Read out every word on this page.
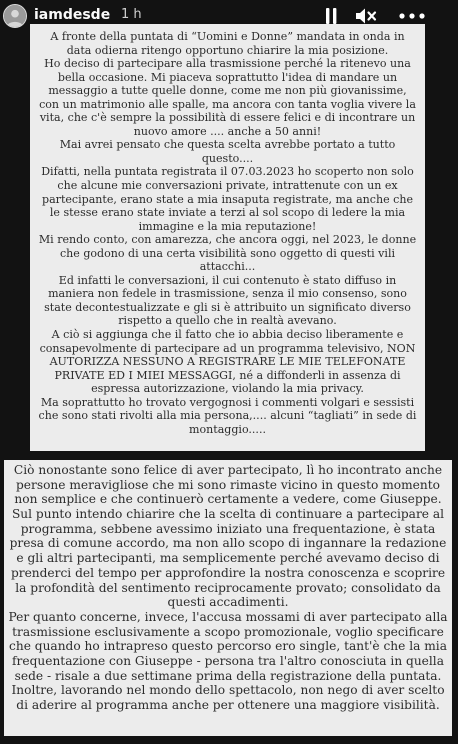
iamdesde 1 h

A fronte della puntata di “Uomini e Donne” mandata in onda in data odierna ritengo opportuno chiarire la mia posizione.

Ho deciso di partecipare alla trasmissione perché la ritenevo una bella occasione. Mi piaceva soprattutto l'idea di mandare un messaggio a tutte quelle donne, come me non più giovanissime, con un matrimonio alle spalle, ma ancora con tanta voglia vivere la vita, che c'è sempre la possibilità di essere felici e di incontrare un nuovo amore .... anche a 50 anni!

Mai avrei pensato che questa scelta avrebbe portato a tutto questo....

Difatti, nella puntata registrata il 07.03.2023 ho scoperto non solo che alcune mie conversazioni private, intrattenute con un ex partecipante, erano state a mia insaputa registrate, ma anche che le stesse erano state inviate a terzi al sol scopo di ledere la mia immagine e la mia reputazione!

Mi rendo conto, con amarezza, che ancora oggi, nel 2023, le donne che godono di una certa visibilità sono oggetto di questi vili attacchi...

Ed infatti le conversazioni, il cui contenuto è stato diffuso in maniera non fedele in trasmissione, senza il mio consenso, sono state decontestualizzate e gli si è attribuito un significato diverso rispetto a quello che in realtà avevano.

A ciò si aggiunga che il fatto che io abbia deciso liberamente e consapevolmente di partecipare ad un programma televisivo, NON AUTORIZZA NESSUNO A REGISTRARE LE MIE TELEFONATE PRIVATE ED I MIEI MESSAGGI, né a diffonderli in assenza di espressa autorizzazione, violando la mia privacy.

Ma soprattutto ho trovato vergognosi i commenti volgari e sessisti che sono stati rivolti alla mia persona,.... alcuni “tagliati” in sede di montaggio.....

Ciò nonostante sono felice di aver partecipato, lì ho incontrato anche persone meravigliose che mi sono rimaste vicino in questo momento non semplice e che continuerò certamente a vedere, come Giuseppe.

Sul punto intendo chiarire che la scelta di continuare a partecipare al programma, sebbene avessimo iniziato una frequentazione, è stata presa di comune accordo, ma non allo scopo di ingannare la redazione e gli altri partecipanti, ma semplicemente perché avevamo deciso di prenderci del tempo per approfondire la nostra conoscenza e scoprire la profondità del sentimento reciprocamente provato; consolidato da questi accadimenti.

Per quanto concerne, invece, l'accusa mossami di aver partecipato alla trasmissione esclusivamente a scopo promozionale, voglio specificare che quando ho intrapreso questo percorso ero single, tant'è che la mia frequentazione con Giuseppe - persona tra l'altro conosciuta in quella sede - risale a due settimane prima della registrazione della puntata.

Inoltre, lavorando nel mondo dello spettacolo, non nego di aver scelto di aderire al programma anche per ottenere una maggiore visibilità.
